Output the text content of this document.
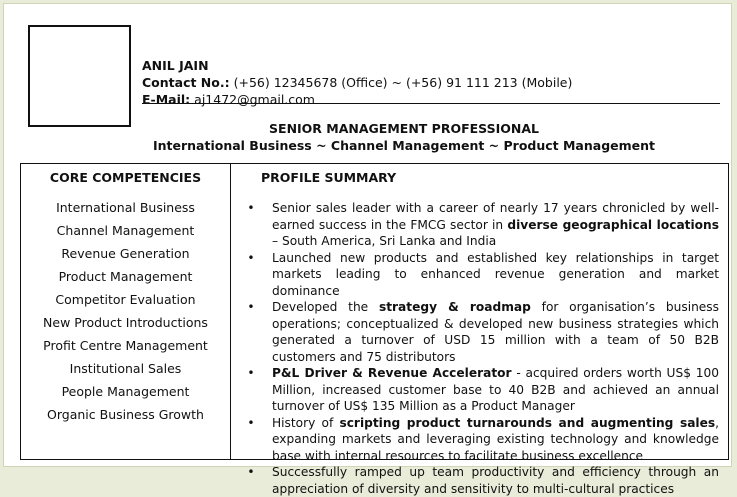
ANIL JAIN
Contact No.: (+56) 12345678 (Office) ~ (+56) 91 111 213 (Mobile)
E-Mail: aj1472@gmail.com
SENIOR MANAGEMENT PROFESSIONAL
International Business ~ Channel Management ~ Product Management
CORE COMPETENCIES
International Business
Channel Management
Revenue Generation
Product Management
Competitor Evaluation
New Product Introductions
Profit Centre Management
Institutional Sales
People Management
Organic Business Growth
PROFILE SUMMARY
• Senior sales leader with a career of nearly 17 years chronicled by well-earned success in the FMCG sector in diverse geographical locations – South America, Sri Lanka and India
• Launched new products and established key relationships in target markets leading to enhanced revenue generation and market dominance
• Developed the strategy & roadmap for organisation’s business operations; conceptualized & developed new business strategies which generated a turnover of USD 15 million with a team of 50 B2B customers and 75 distributors
• P&L Driver & Revenue Accelerator - acquired orders worth US$ 100 Million, increased customer base to 40 B2B and achieved an annual turnover of US$ 135 Million as a Product Manager
• History of scripting product turnarounds and augmenting sales, expanding markets and leveraging existing technology and knowledge base with internal resources to facilitate business excellence
• Successfully ramped up team productivity and efficiency through an appreciation of diversity and sensitivity to multi-cultural practices
